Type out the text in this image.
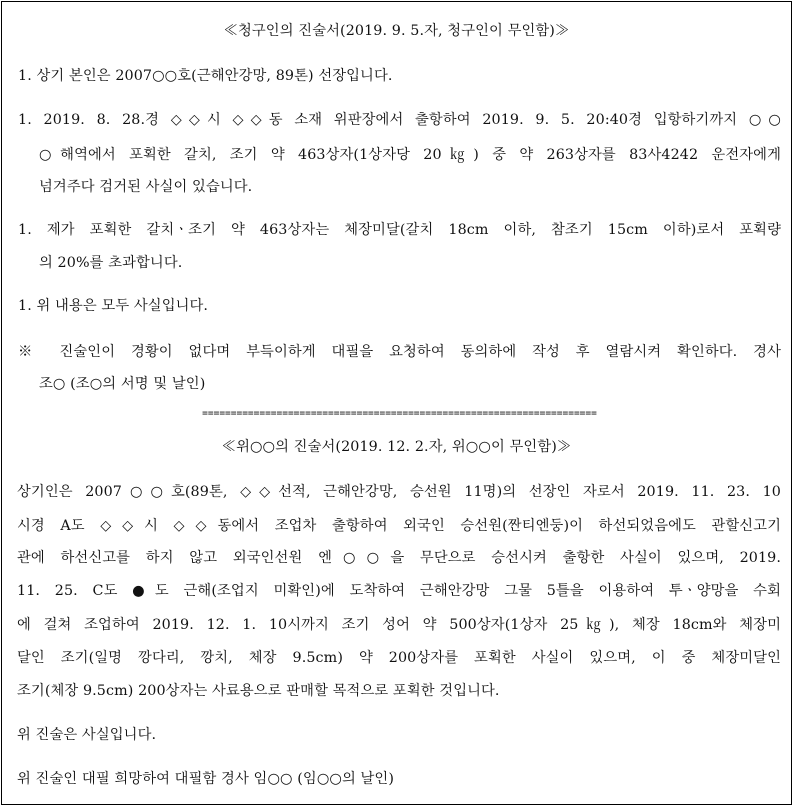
≪청구인의 진술서(2019. 9. 5.자, 청구인이 무인함)≫
1. 상기 본인은 2007○○호(근해안강망, 89톤) 선장입니다.
1. 2019. 8. 28.경 ◇◇시 ◇◇동 소재 위판장에서 출항하여 2019. 9. 5. 20:40경 입항하기까지 ○○
○해역에서 포획한 갈치, 조기 약 463상자(1상자당 20㎏) 중 약 263상자를 83사4242 운전자에게
넘겨주다 검거된 사실이 있습니다.
1. 제가 포획한 갈치ㆍ조기 약 463상자는 체장미달(갈치 18cm 이하, 참조기 15cm 이하)로서 포획량
의 20%를 초과합니다.
1. 위 내용은 모두 사실입니다.
※ 진술인이 경황이 없다며 부득이하게 대필을 요청하여 동의하에 작성 후 열람시켜 확인하다. 경사
조○ (조○의 서명 및 날인)
=====================================================================
≪위○○의 진술서(2019. 12. 2.자, 위○○이 무인함)≫
상기인은 2007○○호(89톤, ◇◇선적, 근해안강망, 승선원 11명)의 선장인 자로서 2019. 11. 23. 10
시경 A도 ◇◇시 ◇◇동에서 조업차 출항하여 외국인 승선원(짠티엔둥)이 하선되었음에도 관할신고기
관에 하선신고를 하지 않고 외국인선원 엔○○을 무단으로 승선시켜 출항한 사실이 있으며, 2019.
11. 25. C도 ●도 근해(조업지 미확인)에 도착하여 근해안강망 그물 5틀을 이용하여 투ㆍ양망을 수회
에 걸쳐 조업하여 2019. 12. 1. 10시까지 조기 성어 약 500상자(1상자 25㎏), 체장 18cm와 체장미
달인 조기(일명 깡다리, 깡치, 체장 9.5cm) 약 200상자를 포획한 사실이 있으며, 이 중 체장미달인
조기(체장 9.5cm) 200상자는 사료용으로 판매할 목적으로 포획한 것입니다.
위 진술은 사실입니다.
위 진술인 대필 희망하여 대필함 경사 임○○ (임○○의 날인)
